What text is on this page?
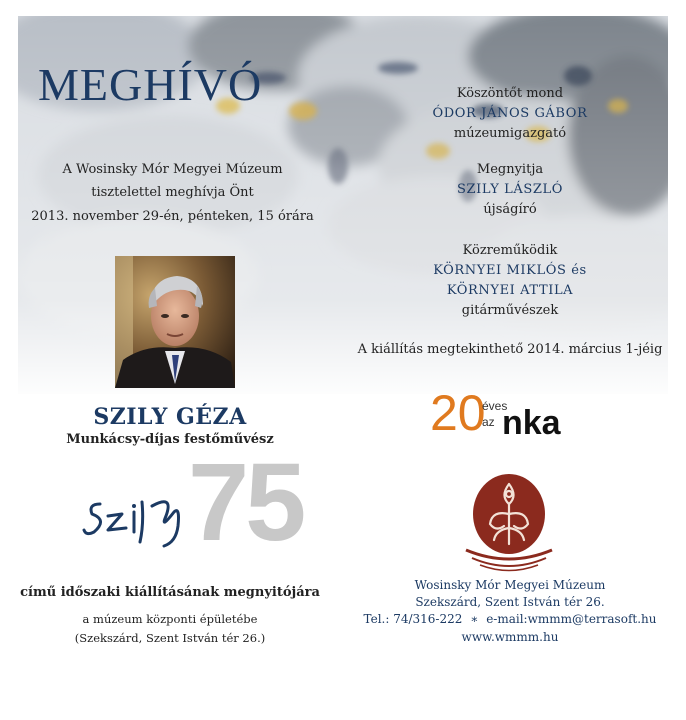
MEGHÍVÓ
A Wosinsky Mór Megyei Múzeum
tisztelettel meghívja Önt
2013. november 29-én, pénteken, 15 órára
Köszöntőt mond
ÓDOR JÁNOS GÁBOR
múzeumigazgató
Megnyitja
SZILY LÁSZLÓ
újságíró
Közreműködik
KÖRNYEI MIKLÓS és
KÖRNYEI ATTILA
gitárművészek
A kiállítás megtekinthető 2014. március 1-jéig
SZILY GÉZA
Munkácsy-díjas festőművész
75
című időszaki kiállításának megnyitójára
a múzeum központi épületébe
(Szekszárd, Szent István tér 26.)
20
éves
az nka
Wosinsky Mór Megyei Múzeum
Szekszárd, Szent István tér 26.
Tel.: 74/316-222 ∗ e-mail:wmmm@terrasoft.hu
www.wmmm.hu
